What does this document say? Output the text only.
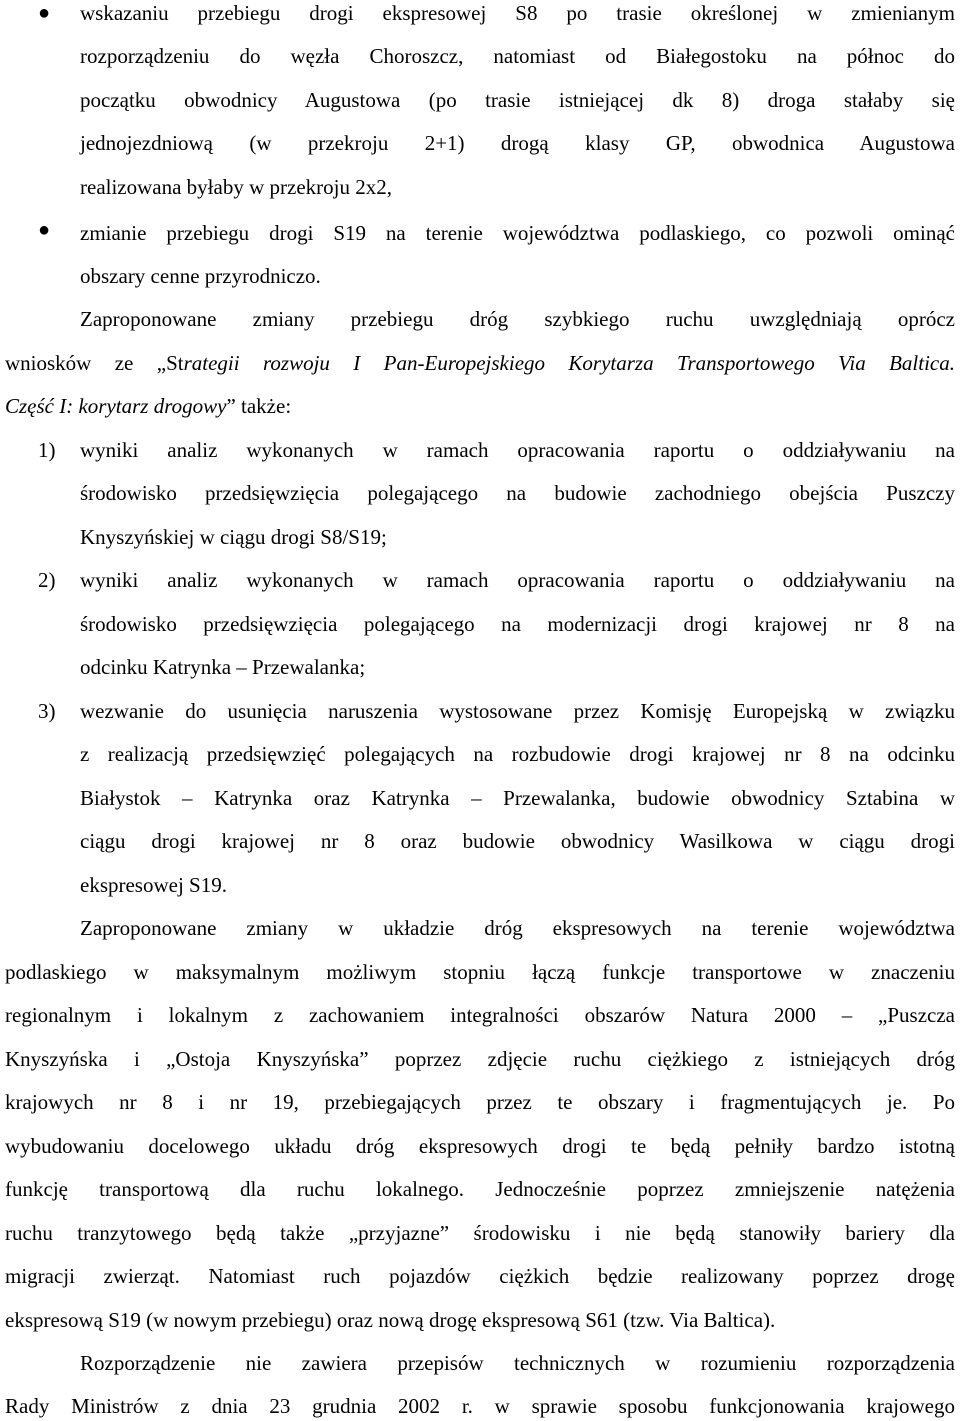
● wskazaniu przebiegu drogi ekspresowej S8 po trasie określonej w zmienianym
rozporządzeniu do węzła Choroszcz, natomiast od Białegostoku na północ do
początku obwodnicy Augustowa (po trasie istniejącej dk 8) droga stałaby się
jednojezdniową (w przekroju 2+1) drogą klasy GP, obwodnica Augustowa
realizowana byłaby w przekroju 2x2,
● zmianie przebiegu drogi S19 na terenie województwa podlaskiego, co pozwoli ominąć
obszary cenne przyrodniczo.
Zaproponowane zmiany przebiegu dróg szybkiego ruchu uwzględniają oprócz
wniosków ze „Strategii rozwoju I Pan-Europejskiego Korytarza Transportowego Via Baltica.
Część I: korytarz drogowy” także:
1) wyniki analiz wykonanych w ramach opracowania raportu o oddziaływaniu na
środowisko przedsięwzięcia polegającego na budowie zachodniego obejścia Puszczy
Knyszyńskiej w ciągu drogi S8/S19;
2) wyniki analiz wykonanych w ramach opracowania raportu o oddziaływaniu na
środowisko przedsięwzięcia polegającego na modernizacji drogi krajowej nr 8 na
odcinku Katrynka – Przewalanka;
3) wezwanie do usunięcia naruszenia wystosowane przez Komisję Europejską w związku
z realizacją przedsięwzięć polegających na rozbudowie drogi krajowej nr 8 na odcinku
Białystok – Katrynka oraz Katrynka – Przewalanka, budowie obwodnicy Sztabina w
ciągu drogi krajowej nr 8 oraz budowie obwodnicy Wasilkowa w ciągu drogi
ekspresowej S19.
Zaproponowane zmiany w układzie dróg ekspresowych na terenie województwa
podlaskiego w maksymalnym możliwym stopniu łączą funkcje transportowe w znaczeniu
regionalnym i lokalnym z zachowaniem integralności obszarów Natura 2000 – „Puszcza
Knyszyńska i „Ostoja Knyszyńska” poprzez zdjęcie ruchu ciężkiego z istniejących dróg
krajowych nr 8 i nr 19, przebiegających przez te obszary i fragmentujących je. Po
wybudowaniu docelowego układu dróg ekspresowych drogi te będą pełniły bardzo istotną
funkcję transportową dla ruchu lokalnego. Jednocześnie poprzez zmniejszenie natężenia
ruchu tranzytowego będą także „przyjazne” środowisku i nie będą stanowiły bariery dla
migracji zwierząt. Natomiast ruch pojazdów ciężkich będzie realizowany poprzez drogę
ekspresową S19 (w nowym przebiegu) oraz nową drogę ekspresową S61 (tzw. Via Baltica).
Rozporządzenie nie zawiera przepisów technicznych w rozumieniu rozporządzenia
Rady Ministrów z dnia 23 grudnia 2002 r. w sprawie sposobu funkcjonowania krajowego
